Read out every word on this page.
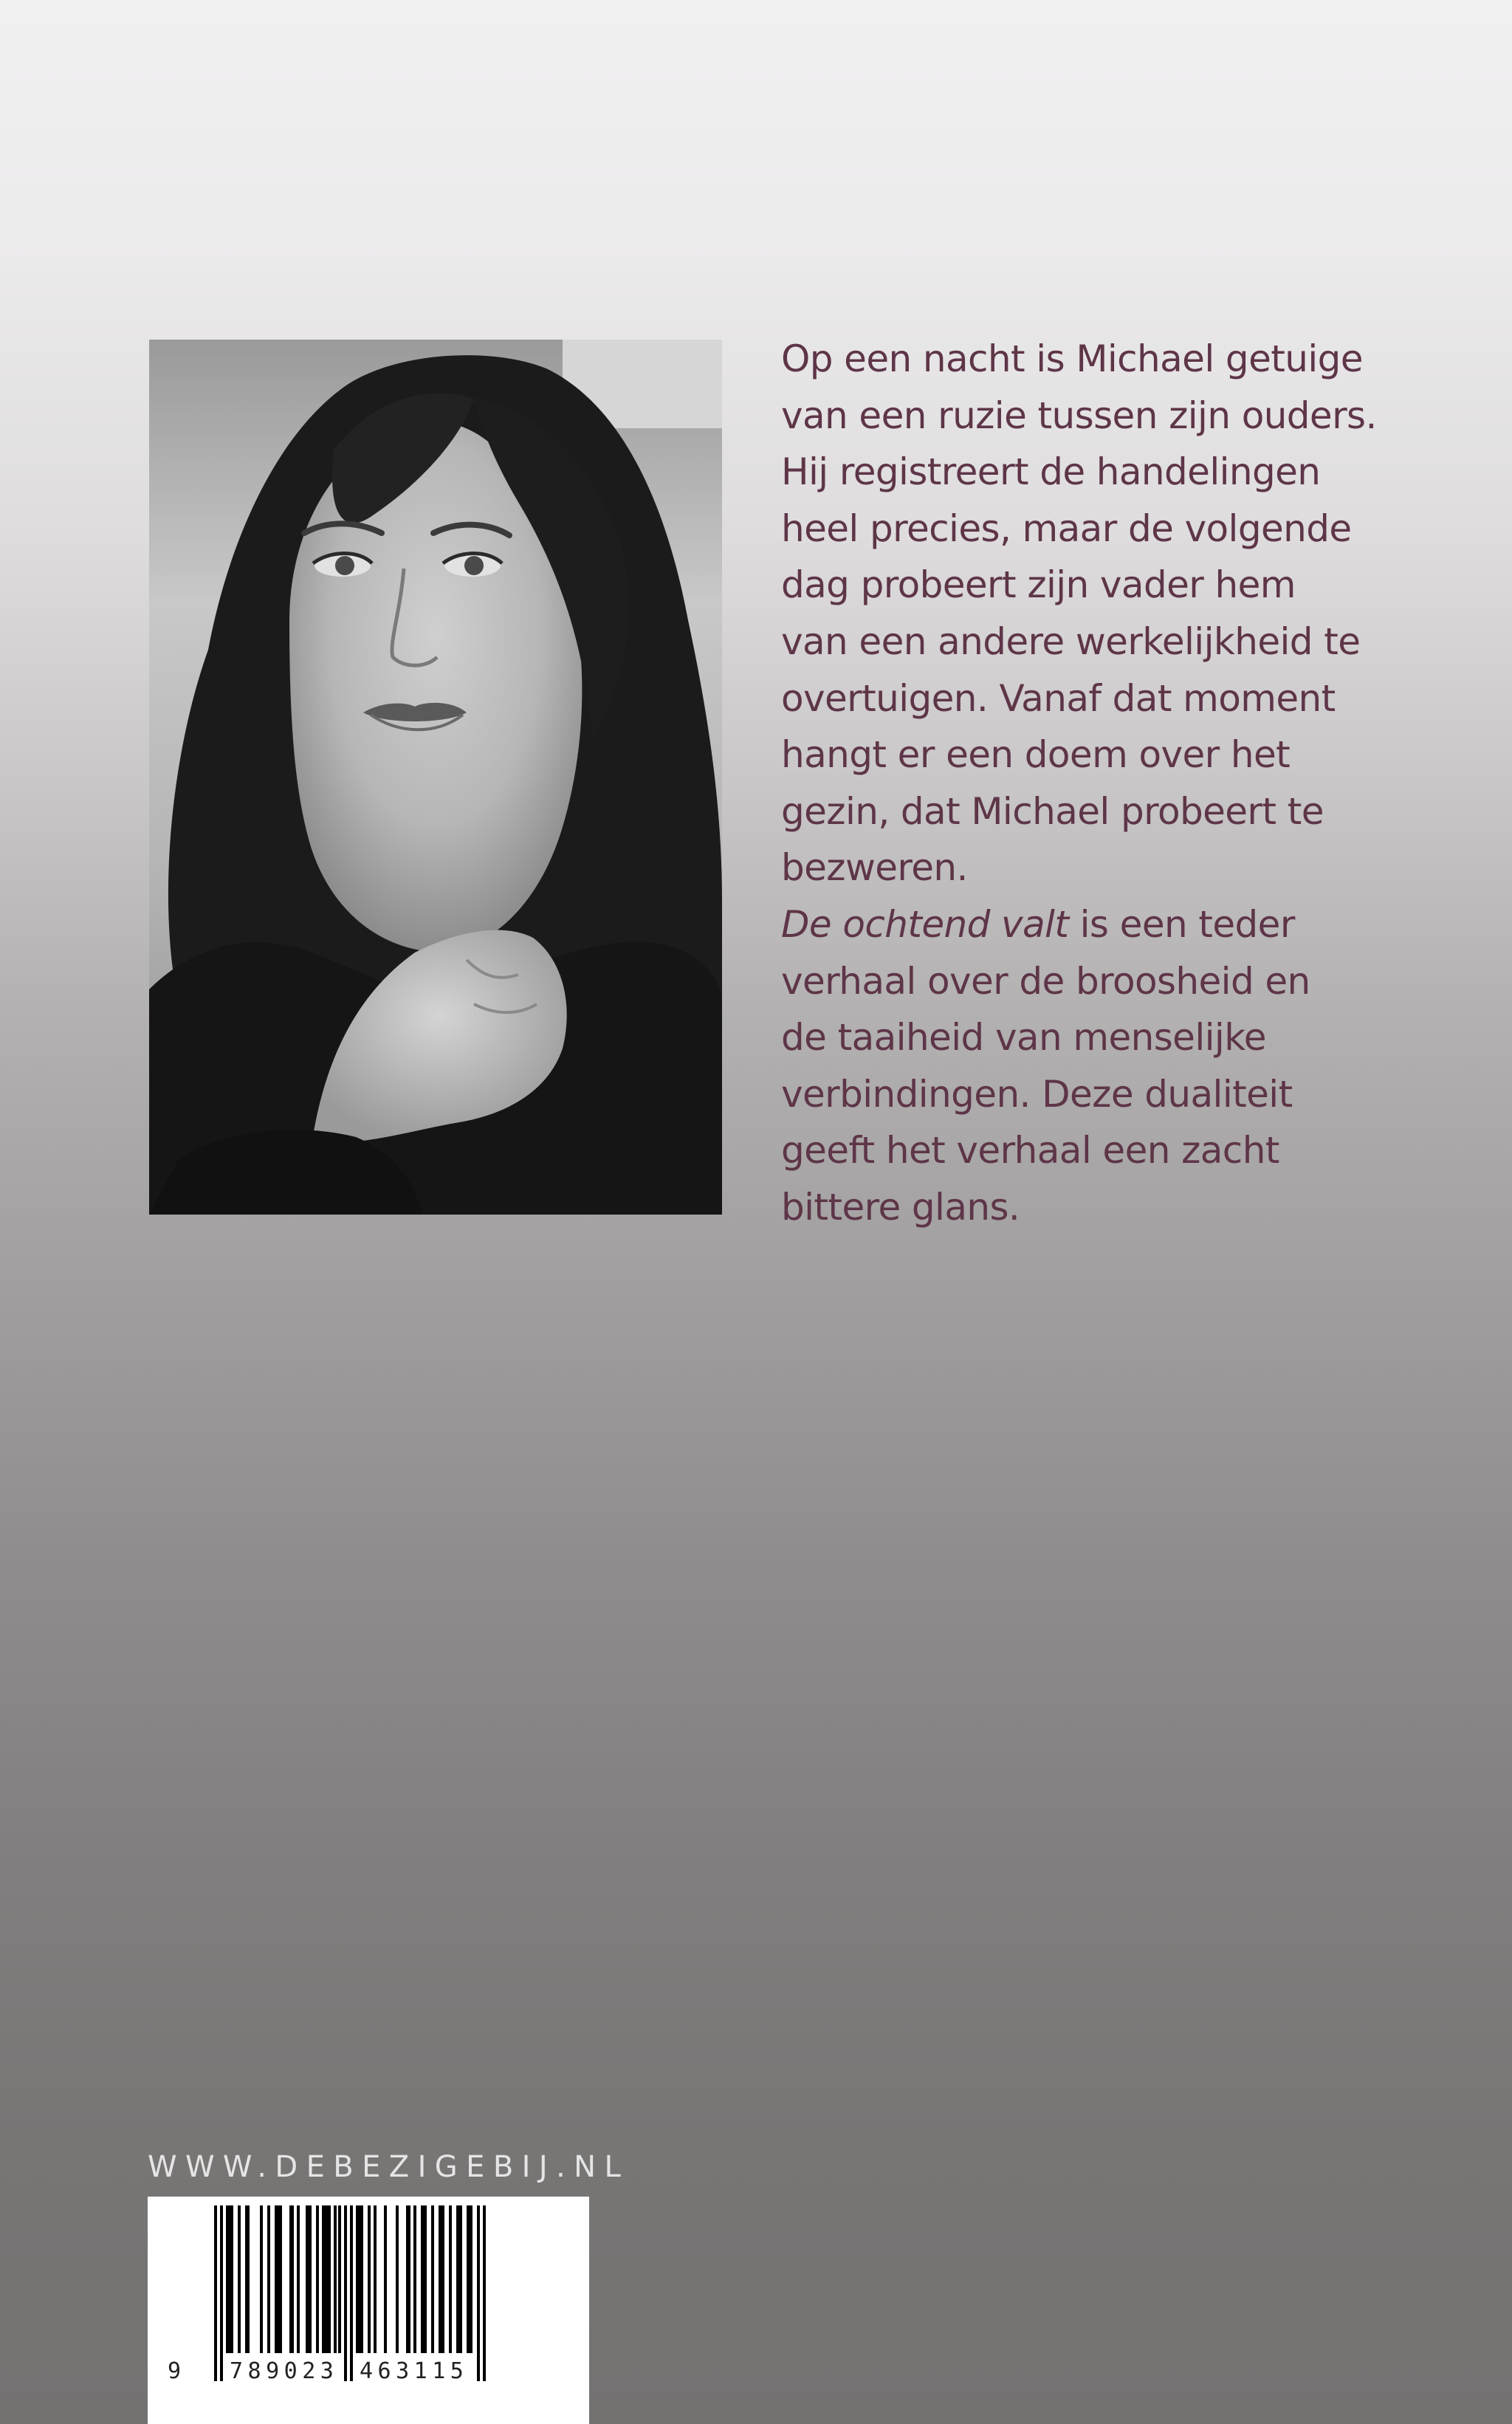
Op een nacht is Michael getuige
van een ruzie tussen zijn ouders.
Hij registreert de handelingen
heel precies, maar de volgende
dag probeert zijn vader hem
van een andere werkelijkheid te
overtuigen. Vanaf dat moment
hangt er een doem over het
gezin, dat Michael probeert te
bezweren.
De ochtend valt is een teder
verhaal over de broosheid en
de taaiheid van menselijke
verbindingen. Deze dualiteit
geeft het verhaal een zacht
bittere glans.
WWW.DEBEZIGEBIJ.NL
9 789023 463115
